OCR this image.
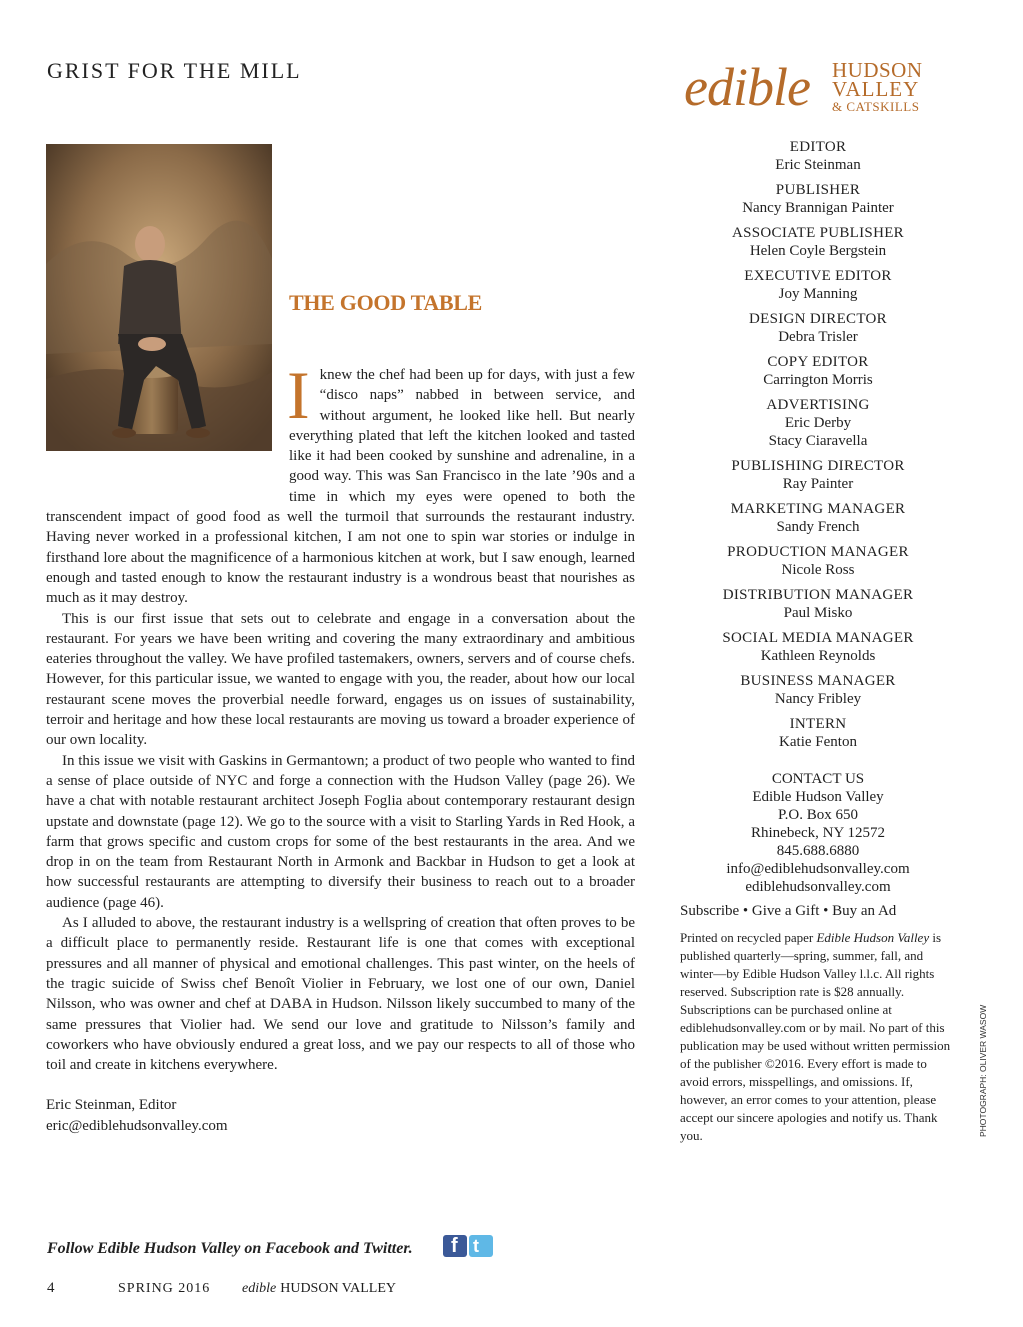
GRIST FOR THE MILL	edible HUDSON
VALLEY
& CATSKILLS
THE GOOD TABLE

Iknew the chef had been up for days, with just a few “disco naps” nabbed in between service, and without argument, he looked like hell. But nearly everything plated that left the kitchen looked and tasted like it had been cooked by sunshine and adrenaline, in a good way. This was San Francisco in the late ’90s and a time in which my eyes were opened to both the transcendent impact of good food as well the turmoil that surrounds the restaurant industry. Having never worked in a professional kitchen, I am not one to spin war stories or indulge in firsthand lore about the magnificence of a harmonious kitchen at work, but I saw enough, learned enough and tasted enough to know the restaurant industry is a wondrous beast that nourishes as much as it may destroy.

This is our first issue that sets out to celebrate and engage in a conversation about the restaurant. For years we have been writing and covering the many extraordinary and ambitious eateries throughout the valley. We have profiled tastemakers, owners, servers and of course chefs. However, for this particular issue, we wanted to engage with you, the reader, about how our local restaurant scene moves the proverbial needle forward, engages us on issues of sustainability, terroir and heritage and how these local restaurants are moving us toward a broader experience of our own locality.

In this issue we visit with Gaskins in Germantown; a product of two people who wanted to find a sense of place outside of NYC and forge a connection with the Hudson Valley (page 26). We have a chat with notable restaurant architect Joseph Foglia about contemporary restaurant design upstate and downstate (page 12). We go to the source with a visit to Starling Yards in Red Hook, a farm that grows specific and custom crops for some of the best restaurants in the area. And we drop in on the team from Restaurant North in Armonk and Backbar in Hudson to get a look at how successful restaurants are attempting to diversify their business to reach out to a broader audience (page 46).

As I alluded to above, the restaurant industry is a wellspring of creation that often proves to be a difficult place to permanently reside. Restaurant life is one that comes with exceptional pressures and all manner of physical and emotional challenges. This past winter, on the heels of the tragic suicide of Swiss chef Benoît Violier in February, we lost one of our own, Daniel Nilsson, who was owner and chef at DABA in Hudson. Nilsson likely succumbed to many of the same pressures that Violier had. We send our love and gratitude to Nilsson’s family and coworkers who have obviously endured a great loss, and we pay our respects to all of those who toil and create in kitchens everywhere.

Eric Steinman, Editor

eric@ediblehudsonvalley.com

EDITOR
Eric Steinman
PUBLISHER
Nancy Brannigan Painter
ASSOCIATE PUBLISHER
Helen Coyle Bergstein
EXECUTIVE EDITOR
Joy Manning
DESIGN DIRECTOR
Debra Trisler
COPY EDITOR
Carrington Morris
ADVERTISING
Eric Derby
Stacy Ciaravella
PUBLISHING DIRECTOR
Ray Painter
MARKETING MANAGER
Sandy French
PRODUCTION MANAGER
Nicole Ross
DISTRIBUTION MANAGER
Paul Misko
SOCIAL MEDIA MANAGER
Kathleen Reynolds
BUSINESS MANAGER
Nancy Fribley
INTERN
Katie Fenton
CONTACT US
Edible Hudson Valley
P.O. Box 650
Rhinebeck, NY 12572
845.688.6880
info@ediblehudsonvalley.com
ediblehudsonvalley.com
Subscribe • Give a Gift • Buy an Ad
Printed on recycled paper Edible Hudson Valley is published quarterly—spring, summer, fall, and winter—by Edible Hudson Valley l.l.c. All rights reserved. Subscription rate is $28 annually. Subscriptions can be purchased online at ediblehudsonvalley.com or by mail. No part of this publication may be used without written permission of the publisher ©2016. Every effort is made to avoid errors, misspellings, and omissions. If, however, an error comes to your attention, please accept our sincere apologies and notify us. Thank you.	PHOTOGRAPH: OLIVER WASOW
Follow Edible Hudson Valley on Facebook and Twitter. f t
4	SPRING 2016 edible HUDSON VALLEY
